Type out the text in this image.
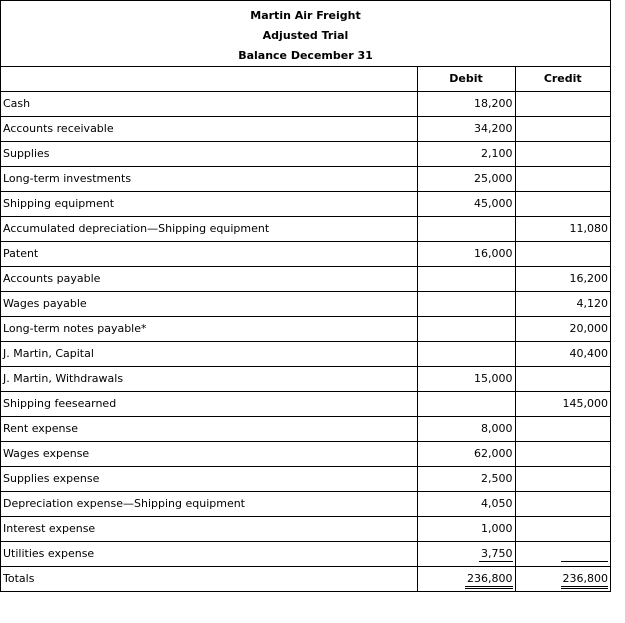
Martin Air Freight
Adjusted Trial
Balance December 31
	Debit	Credit
Cash	18,200	
Accounts receivable	34,200	
Supplies	2,100	
Long-term investments	25,000	
Shipping equipment	45,000	
Accumulated depreciation—Shipping equipment		11,080
Patent	16,000	
Accounts payable		16,200
Wages payable		4,120
Long-term notes payable*		20,000
J. Martin, Capital		40,400
J. Martin, Withdrawals	15,000	
Shipping feesearned		145,000
Rent expense	8,000	
Wages expense	62,000	
Supplies expense	2,500	
Depreciation expense—Shipping equipment	4,050	
Interest expense	1,000	
Utilities expense	3,750	
Totals	236,800	236,800
